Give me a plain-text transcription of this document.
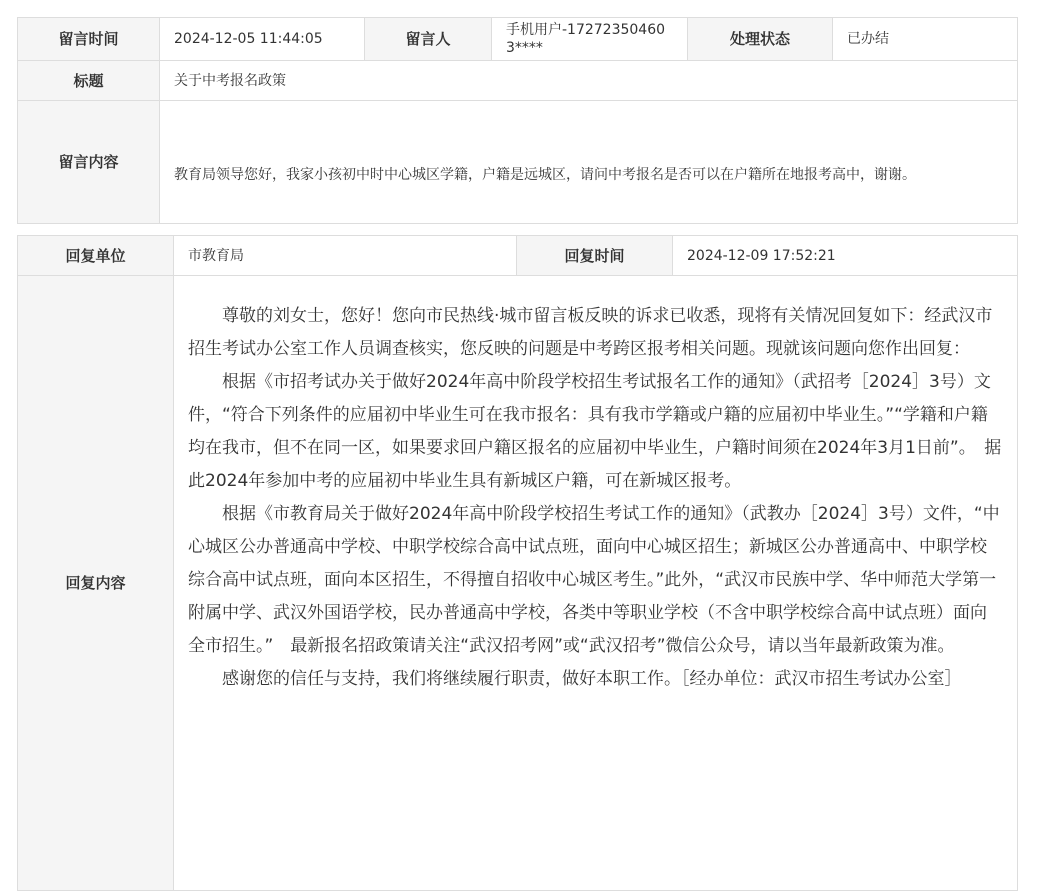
留言时间	2024-12-05 11:44:05	留言人	手机用户-172723504603****	处理状态	已办结
标题	关于中考报名政策				
留言内容	教育局领导您好，我家小孩初中时中心城区学籍，户籍是远城区，请问中考报名是否可以在户籍所在地报考高中，谢谢。				
回复单位	市教育局	回复时间	2024-12-09 17:52:21
回复内容	尊敬的刘女士，您好！您向市民热线·城市留言板反映的诉求已收悉，现将有关情况回复如下：经武汉市招生考试办公室工作人员调查核实，您反映的问题是中考跨区报考相关问题。现就该问题向您作出回复：

根据《市招考试办关于做好2024年高中阶段学校招生考试报名工作的通知》（武招考［2024］3号）文件，“符合下列条件的应届初中毕业生可在我市报名：具有我市学籍或户籍的应届初中毕业生。”“学籍和户籍均在我市，但不在同一区，如果要求回户籍区报名的应届初中毕业生，户籍时间须在2024年3月1日前”。　据此2024年参加中考的应届初中毕业生具有新城区户籍，可在新城区报考。

根据《市教育局关于做好2024年高中阶段学校招生考试工作的通知》（武教办［2024］3号）文件，“中心城区公办普通高中学校、中职学校综合高中试点班，面向中心城区招生；新城区公办普通高中、中职学校综合高中试点班，面向本区招生，不得擅自招收中心城区考生。”此外，“武汉市民族中学、华中师范大学第一附属中学、武汉外国语学校，民办普通高中学校，各类中等职业学校（不含中职学校综合高中试点班）面向全市招生。”　最新报名招政策请关注“武汉招考网”或“武汉招考”微信公众号，请以当年最新政策为准。

感谢您的信任与支持，我们将继续履行职责，做好本职工作。［经办单位：武汉市招生考试办公室］		
